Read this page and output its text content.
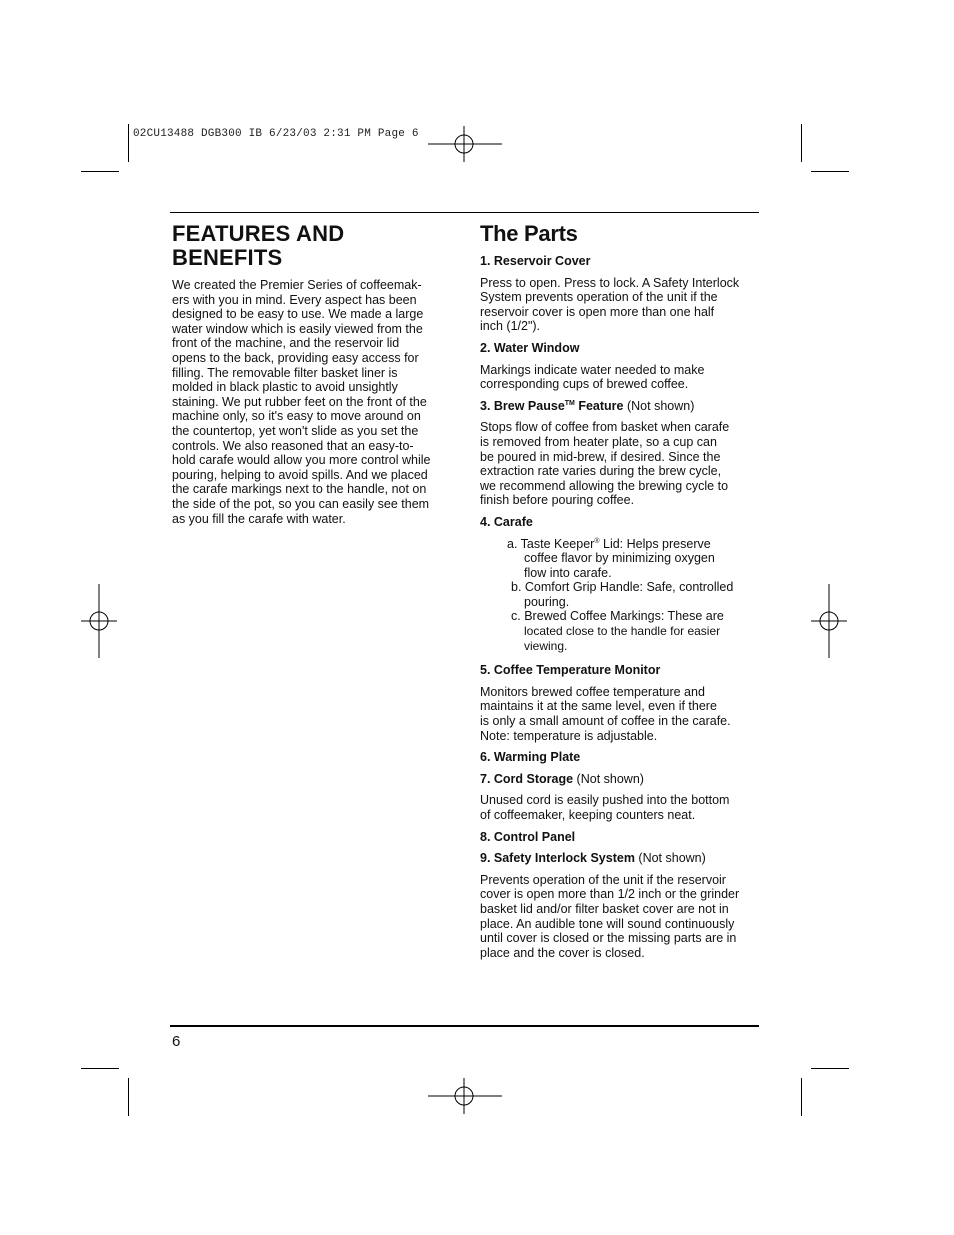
02CU13488 DGB300 IB 6/23/03 2:31 PM Page 6
FEATURES AND
BENEFITS
We created the Premier Series of coffeemak-
ers with you in mind. Every aspect has been
designed to be easy to use. We made a large
water window which is easily viewed from the
front of the machine, and the reservoir lid
opens to the back, providing easy access for
filling. The removable filter basket liner is
molded in black plastic to avoid unsightly
staining. We put rubber feet on the front of the
machine only, so it's easy to move around on
the countertop, yet won't slide as you set the
controls. We also reasoned that an easy-to-
hold carafe would allow you more control while
pouring, helping to avoid spills. And we placed
the carafe markings next to the handle, not on
the side of the pot, so you can easily see them
as you fill the carafe with water.
The Parts
1. Reservoir Cover
Press to open. Press to lock. A Safety Interlock
System prevents operation of the unit if the
reservoir cover is open more than one half
inch (1/2").
2. Water Window
Markings indicate water needed to make
corresponding cups of brewed coffee.
3. Brew Pause™ Feature (Not shown)
Stops flow of coffee from basket when carafe
is removed from heater plate, so a cup can
be poured in mid-brew, if desired. Since the
extraction rate varies during the brew cycle,
we recommend allowing the brewing cycle to
finish before pouring coffee.
4. Carafe
a. Taste Keeper® Lid: Helps preserve
coffee flavor by minimizing oxygen
flow into carafe.
b. Comfort Grip Handle: Safe, controlled
pouring.
c. Brewed Coffee Markings: These are
located close to the handle for easier
viewing.
5. Coffee Temperature Monitor
Monitors brewed coffee temperature and
maintains it at the same level, even if there
is only a small amount of coffee in the carafe.
Note: temperature is adjustable.
6. Warming Plate
7. Cord Storage (Not shown)
Unused cord is easily pushed into the bottom
of coffeemaker, keeping counters neat.
8. Control Panel
9. Safety Interlock System (Not shown)
Prevents operation of the unit if the reservoir
cover is open more than 1/2 inch or the grinder
basket lid and/or filter basket cover are not in
place. An audible tone will sound continuously
until cover is closed or the missing parts are in
place and the cover is closed.
6
